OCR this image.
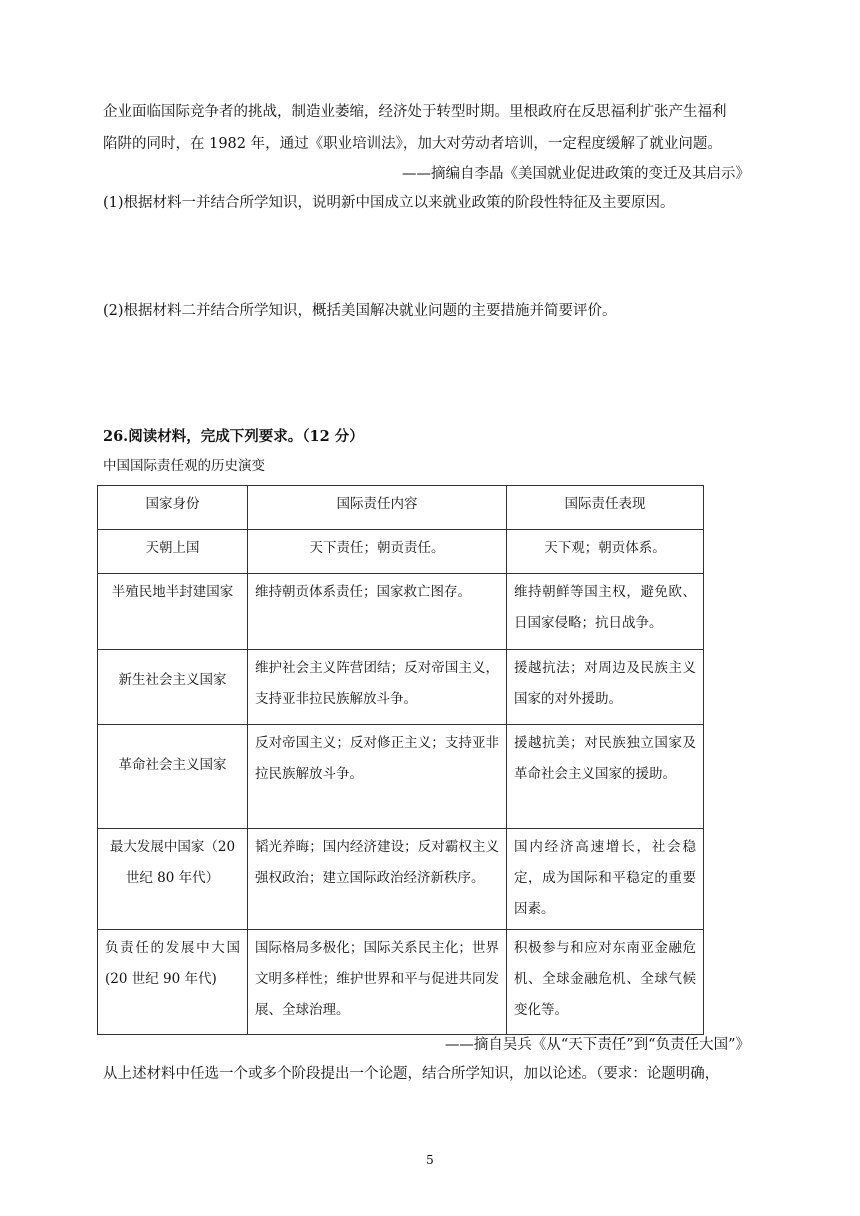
企业面临国际竞争者的挑战，制造业萎缩，经济处于转型时期。里根政府在反思福利扩张产生福利
陷阱的同时，在 1982 年，通过《职业培训法》，加大对劳动者培训，一定程度缓解了就业问题。
——摘编自李晶《美国就业促进政策的变迁及其启示》
(1)根据材料一并结合所学知识，说明新中国成立以来就业政策的阶段性特征及主要原因。
(2)根据材料二并结合所学知识，概括美国解决就业问题的主要措施并简要评价。
26.阅读材料，完成下列要求。（12 分）
中国国际责任观的历史演变
国家身份	国际责任内容	国际责任表现
天朝上国	天下责任；朝贡责任。	天下观；朝贡体系。
半殖民地半封建国家	维持朝贡体系责任；国家救亡图存。	维持朝鲜等国主权，避免欧、日国家侵略；抗日战争。

新生社会主义国家	维护社会主义阵营团结；反对帝国主义，支持亚非拉民族解放斗争。	援越抗法；对周边及民族主义国家的对外援助。

革命社会主义国家	反对帝国主义；反对修正主义；支持亚非拉民族解放斗争。	援越抗美；对民族独立国家及革命社会主义国家的援助。
最大发展中国家（20 世纪 80 年代）	韬光养晦；国内经济建设；反对霸权主义强权政治；建立国际政治经济新秩序。	国内经济高速增长，社会稳定，成为国际和平稳定的重要因素。
负责任的发展中大国(20 世纪 90 年代)	国际格局多极化；国际关系民主化；世界文明多样性；维护世界和平与促进共同发展、全球治理。	积极参与和应对东南亚金融危机、全球金融危机、全球气候变化等。
——摘自吴兵《从“天下责任”到“负责任大国”》
从上述材料中任选一个或多个阶段提出一个论题，结合所学知识，加以论述。（要求：论题明确，
5
